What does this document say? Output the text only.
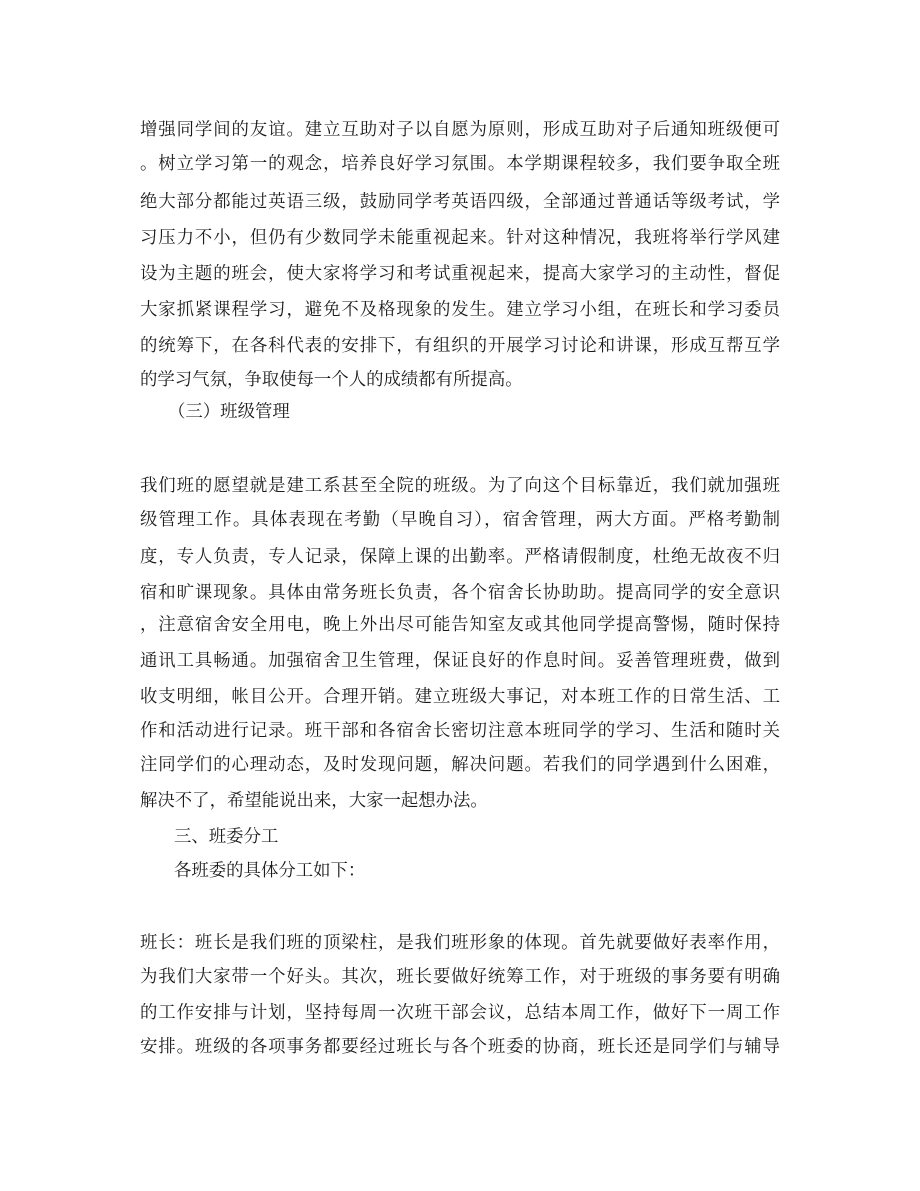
增强同学间的友谊。建立互助对子以自愿为原则，形成互助对子后通知班级便可
。树立学习第一的观念，培养良好学习氛围。本学期课程较多，我们要争取全班
绝大部分都能过英语三级，鼓励同学考英语四级，全部通过普通话等级考试，学
习压力不小，但仍有少数同学未能重视起来。针对这种情况，我班将举行学风建
设为主题的班会，使大家将学习和考试重视起来，提高大家学习的主动性，督促
大家抓紧课程学习，避免不及格现象的发生。建立学习小组，在班长和学习委员
的统筹下，在各科代表的安排下，有组织的开展学习讨论和讲课，形成互帮互学
的学习气氛，争取使每一个人的成绩都有所提高。
（三）班级管理
我们班的愿望就是建工系甚至全院的班级。为了向这个目标靠近，我们就加强班
级管理工作。具体表现在考勤（早晚自习），宿舍管理，两大方面。严格考勤制
度，专人负责，专人记录，保障上课的出勤率。严格请假制度，杜绝无故夜不归
宿和旷课现象。具体由常务班长负责，各个宿舍长协助助。提高同学的安全意识
，注意宿舍安全用电，晚上外出尽可能告知室友或其他同学提高警惕，随时保持
通讯工具畅通。加强宿舍卫生管理，保证良好的作息时间。妥善管理班费，做到
收支明细，帐目公开。合理开销。建立班级大事记，对本班工作的日常生活、工
作和活动进行记录。班干部和各宿舍长密切注意本班同学的学习、生活和随时关
注同学们的心理动态，及时发现问题，解决问题。若我们的同学遇到什么困难，
解决不了，希望能说出来，大家一起想办法。
三、班委分工
各班委的具体分工如下：
班长：班长是我们班的顶梁柱，是我们班形象的体现。首先就要做好表率作用，
为我们大家带一个好头。其次，班长要做好统筹工作，对于班级的事务要有明确
的工作安排与计划，坚持每周一次班干部会议，总结本周工作，做好下一周工作
安排。班级的各项事务都要经过班长与各个班委的协商，班长还是同学们与辅导
